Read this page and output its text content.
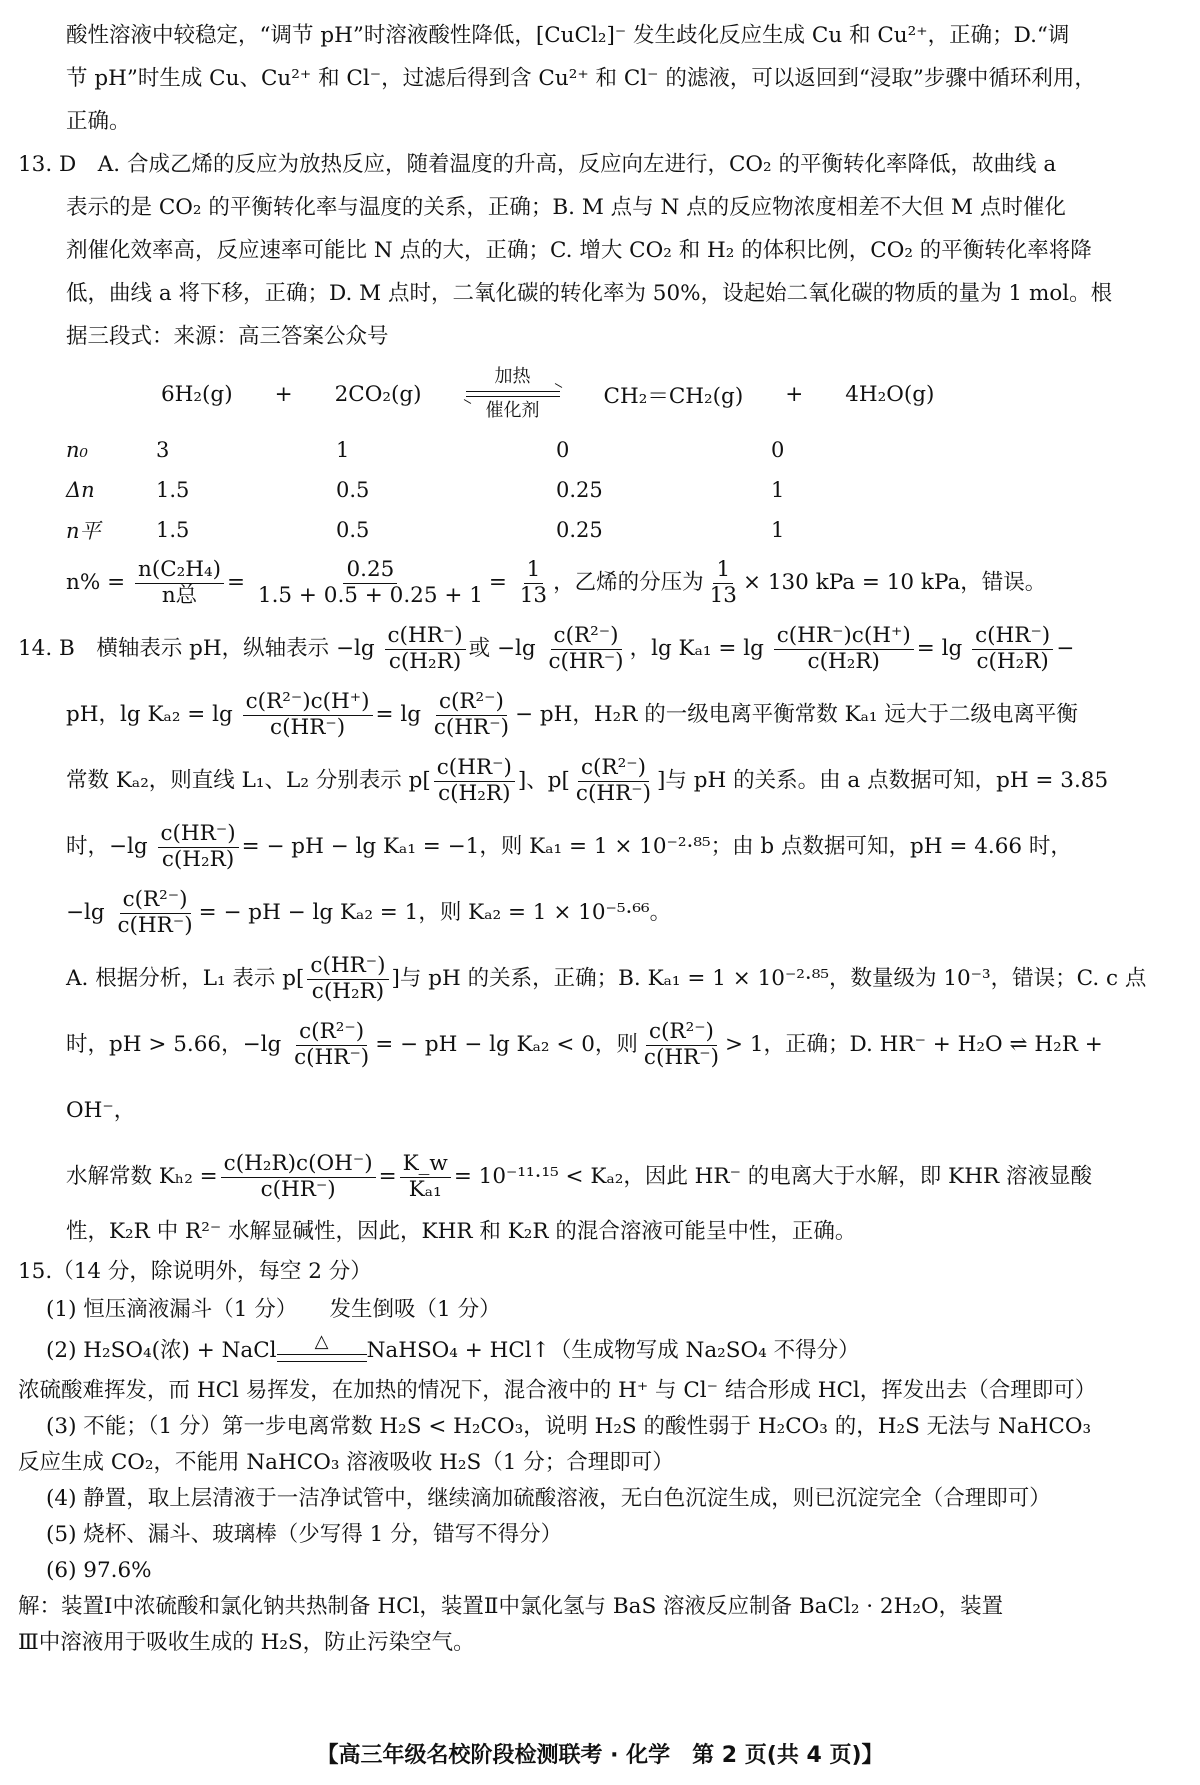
酸性溶液中较稳定，“调节 pH”时溶液酸性降低，[CuCl₂]⁻ 发生歧化反应生成 Cu 和 Cu²⁺，正确；D.“调

节 pH”时生成 Cu、Cu²⁺ 和 Cl⁻，过滤后得到含 Cu²⁺ 和 Cl⁻ 的滤液，可以返回到“浸取”步骤中循环利用，

正确。

13. D　A. 合成乙烯的反应为放热反应，随着温度的升高，反应向左进行，CO₂ 的平衡转化率降低，故曲线 a

表示的是 CO₂ 的平衡转化率与温度的关系，正确；B. M 点与 N 点的反应物浓度相差不大但 M 点时催化

剂催化效率高，反应速率可能比 N 点的大，正确；C. 增大 CO₂ 和 H₂ 的体积比例，CO₂ 的平衡转化率将降

低，曲线 a 将下移，正确；D. M 点时，二氧化碳的转化率为 50%，设起始二氧化碳的物质的量为 1 mol。根

据三段式：来源：高三答案公众号

6H₂(g) + 2CO₂(g)
加热
催化剂
CH₂＝CH₂(g) + 4H₂O(g)
n₀	3	1	0	0
Δn	1.5	0.5	0.25	1
n平	1.5	0.5	0.25	1

$n\% = \frac{\text{n(C₂H₄)}}{\text{n总}} = \frac{0.25}{1.5 + 0.5 + 0.25 + 1} = \frac{1}{13}$ ，乙烯的分压为 $\frac{1}{13} \times 130$ kPa = 10 kPa，错误。

14. B　横轴表示 pH，纵轴表示 $-\lg \frac{c(HR^-)}{\text{c(H₂R)}}$ 或 $-\lg \frac{\text{c(R²⁻)}}{c(HR^-)}$ ，$\lg K_{a1} = \lg \frac{c(HR^-)c(H^+)}{\text{c(H₂R)}} = \lg \frac{c(HR^-)}{\text{c(H₂R)}}$ −

pH，$\lg K_{a2} = \lg \frac{\text{c(R²⁻)c(H⁺)}}{c(HR^-)} = \lg \frac{\text{c(R²⁻)}}{c(HR^-)}$ − pH，H₂R 的一级电离平衡常数 Kₐ₁ 远大于二级电离平衡

常数 Kₐ₂，则直线 L₁、L₂ 分别表示 $p[ \frac{c(HR^-)}{\text{c(H₂R)}}$ ]、$p[ \frac{\text{c(R²⁻)}}{c(HR^-)}$ ]与 pH 的关系。由 a 点数据可知，pH = 3.85

时，$-\lg \frac{c(HR^-)}{\text{c(H₂R)}}$ = − pH − lg Kₐ₁ = −1，则 Kₐ₁ = 1 × 10⁻²·⁸⁵；由 b 点数据可知，pH = 4.66 时，

$-\lg \frac{\text{c(R²⁻)}}{c(HR^-)}$ = − pH − lg Kₐ₂ = 1，则 Kₐ₂ = 1 × 10⁻⁵·⁶⁶。

A. 根据分析，L₁ 表示 $p[ \frac{c(HR^-)}{\text{c(H₂R)}}$ ]与 pH 的关系，正确；B. Kₐ₁ = 1 × 10⁻²·⁸⁵，数量级为 10⁻³，错误；C. c 点

时，pH > 5.66，$-\lg \frac{\text{c(R²⁻)}}{c(HR^-)}$ = − pH − lg Kₐ₂ < 0，则 $\frac{\text{c(R²⁻)}}{c(HR^-)} > 1$，正确；D. HR⁻ + H₂O ⇌ H₂R + OH⁻，

水解常数 $K_{h2} = \frac{\text{c(H₂R)c(OH⁻)}}{c(HR^-)} = \frac{K\_w}{\text{Kₐ₁}} = 10^{-11}\cdot^{15} < K_{a2}$，因此 HR⁻ 的电离大于水解，即 KHR 溶液显酸

性，K₂R 中 R²⁻ 水解显碱性，因此，KHR 和 K₂R 的混合溶液可能呈中性，正确。

15.（14 分，除说明外，每空 2 分）

(1) 恒压滴液漏斗（1 分）　　发生倒吸（1 分）

(2) H₂SO₄(浓) + NaCl	△	NaHSO₄ + HCl↑（生成物写成 Na₂SO₄ 不得分）

浓硫酸难挥发，而 HCl 易挥发，在加热的情况下，混合液中的 H⁺ 与 Cl⁻ 结合形成 HCl，挥发出去（合理即可）

(3) 不能；（1 分）第一步电离常数 H₂S < H₂CO₃，说明 H₂S 的酸性弱于 H₂CO₃ 的，H₂S 无法与 NaHCO₃

反应生成 CO₂，不能用 NaHCO₃ 溶液吸收 H₂S（1 分；合理即可）

(4) 静置，取上层清液于一洁净试管中，继续滴加硫酸溶液，无白色沉淀生成，则已沉淀完全（合理即可）

(5) 烧杯、漏斗、玻璃棒（少写得 1 分，错写不得分）

(6) 97.6%

解：装置Ⅰ中浓硫酸和氯化钠共热制备 HCl，装置Ⅱ中氯化氢与 BaS 溶液反应制备 BaCl₂ · 2H₂O，装置

Ⅲ中溶液用于吸收生成的 H₂S，防止污染空气。

【高三年级名校阶段检测联考 · 化学　第 2 页(共 4 页)】
